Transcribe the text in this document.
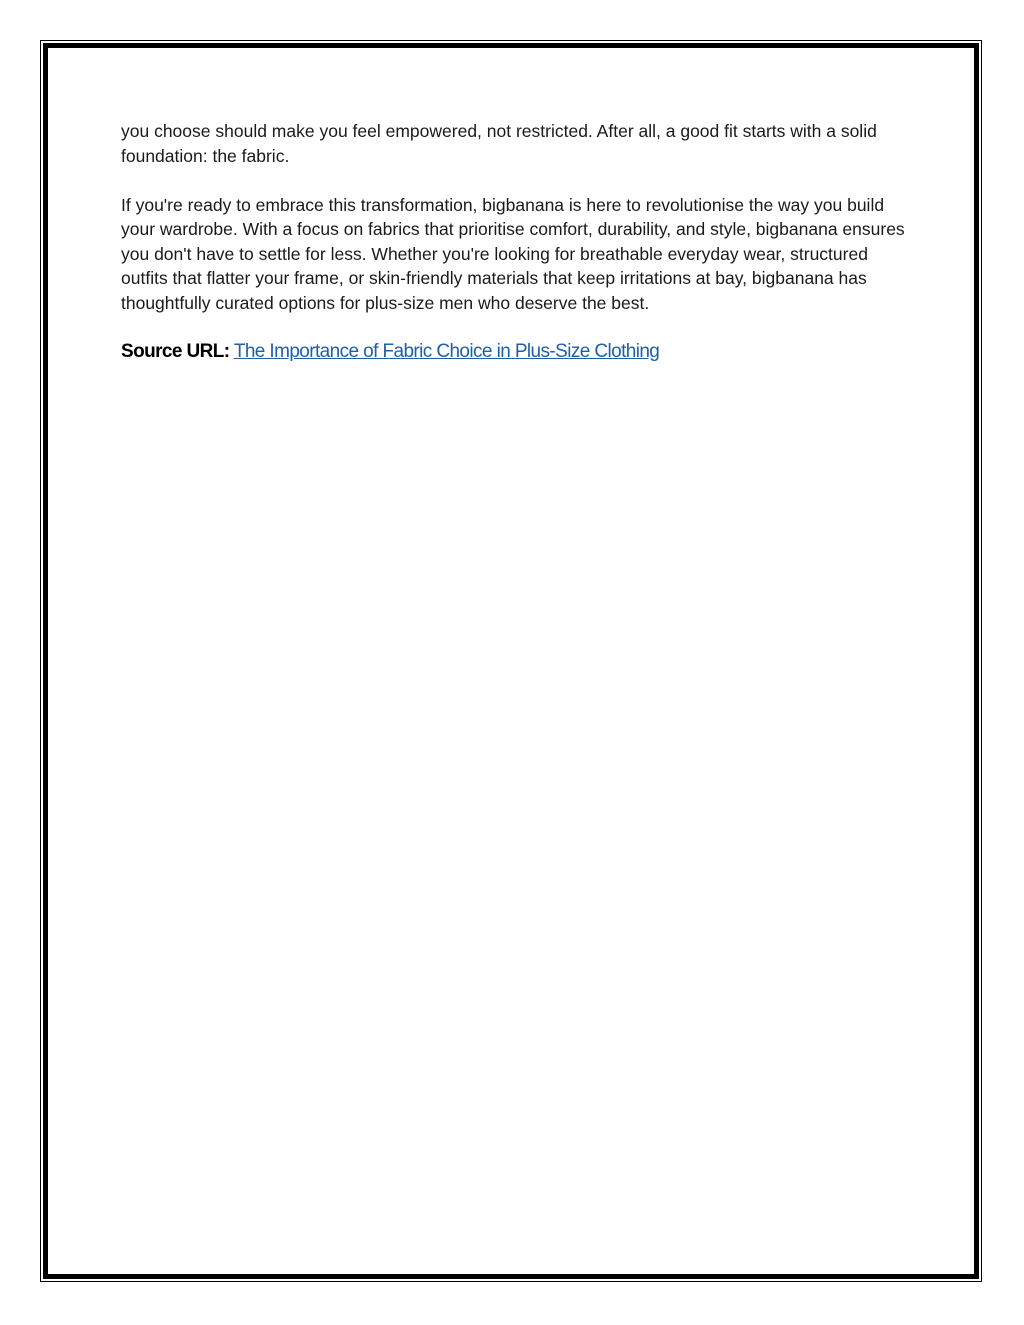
you choose should make you feel empowered, not restricted. After all, a good fit starts with a solid foundation: the fabric.

If you're ready to embrace this transformation, bigbanana is here to revolutionise the way you build your wardrobe. With a focus on fabrics that prioritise comfort, durability, and style, bigbanana ensures you don't have to settle for less. Whether you're looking for breathable everyday wear, structured outfits that flatter your frame, or skin-friendly materials that keep irritations at bay, bigbanana has thoughtfully curated options for plus-size men who deserve the best.

Source URL: The Importance of Fabric Choice in Plus-Size Clothing
